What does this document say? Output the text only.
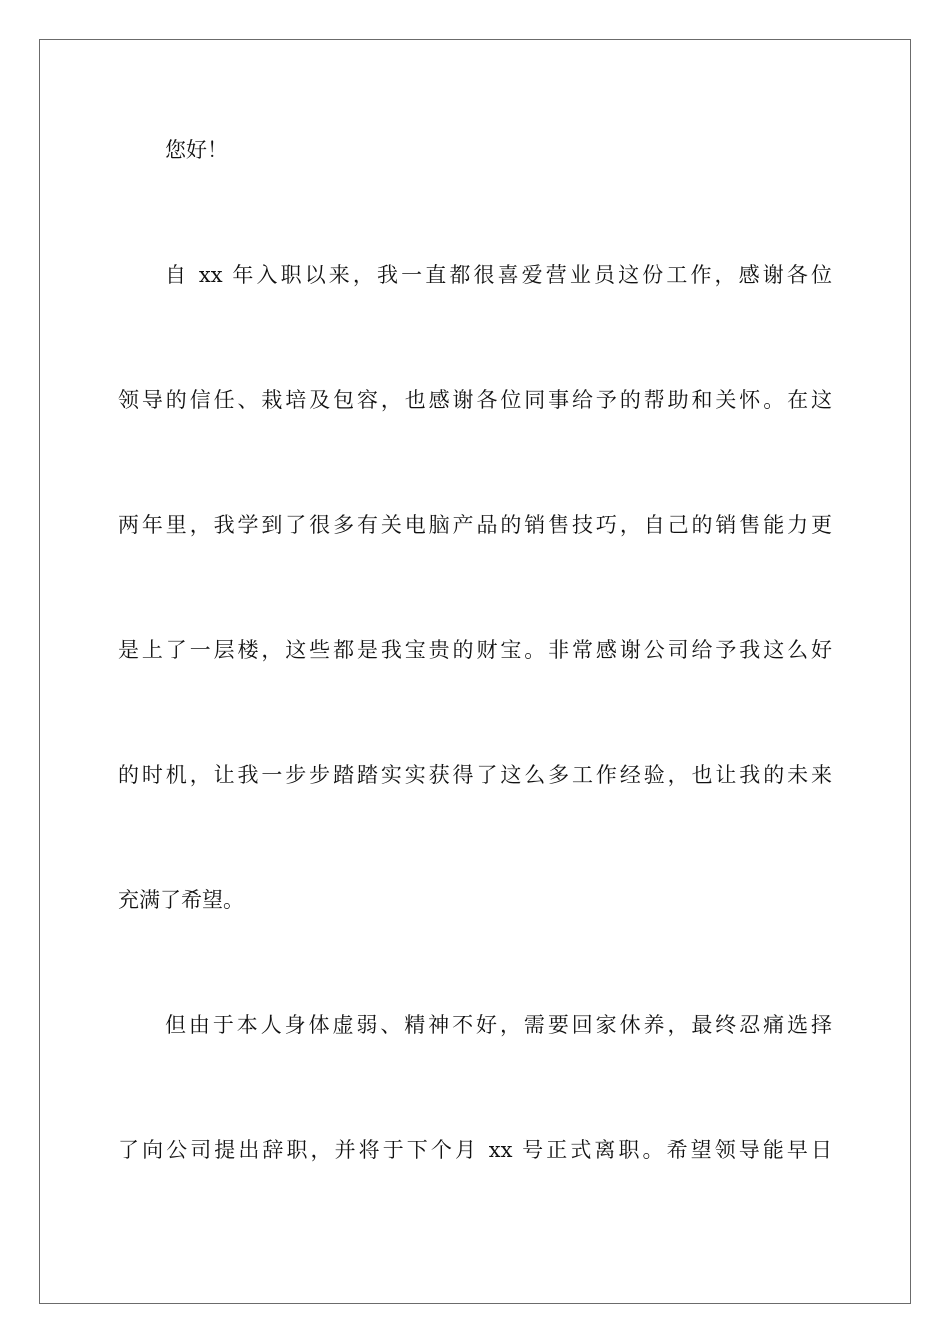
您好！
自 xx 年入职以来，我一直都很喜爱营业员这份工作，感谢各位
领导的信任、栽培及包容，也感谢各位同事给予的帮助和关怀。在这
两年里，我学到了很多有关电脑产品的销售技巧，自己的销售能力更
是上了一层楼，这些都是我宝贵的财宝。非常感谢公司给予我这么好
的时机，让我一步步踏踏实实获得了这么多工作经验，也让我的未来
充满了希望。
但由于本人身体虚弱、精神不好，需要回家休养，最终忍痛选择
了向公司提出辞职，并将于下个月 xx 号正式离职。希望领导能早日
